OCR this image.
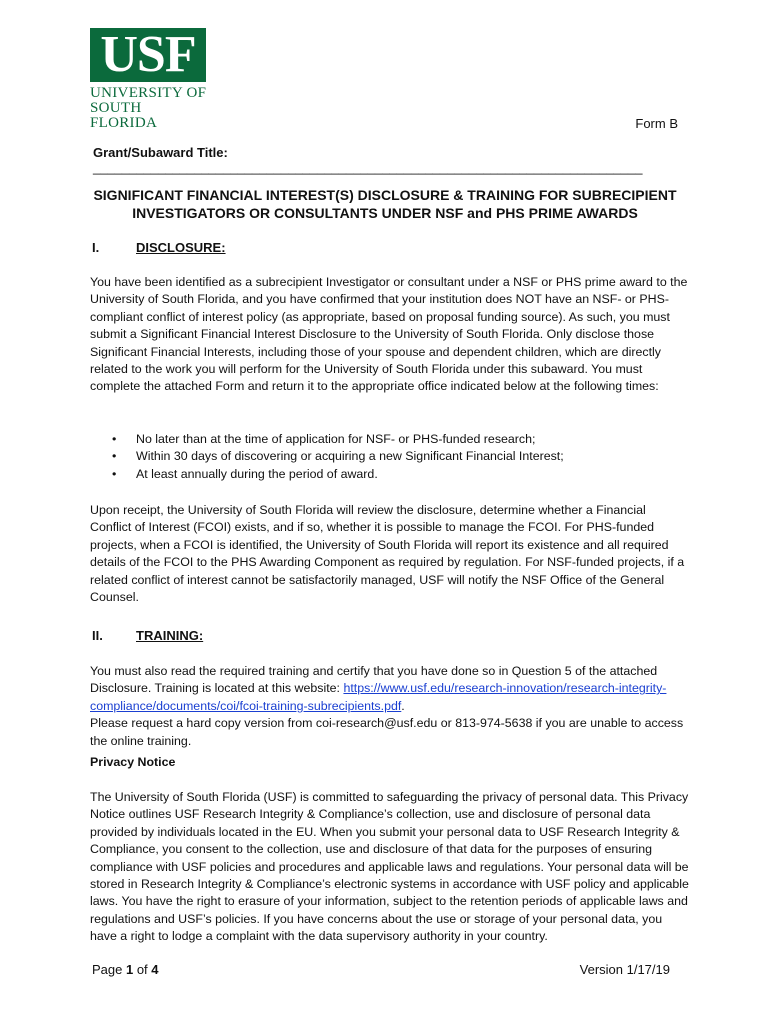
USF
UNIVERSITY OF
SOUTH FLORIDA	Form B
Grant/Subaward Title: ____________________________________________________________________________
SIGNIFICANT FINANCIAL INTEREST(S) DISCLOSURE & TRAINING FOR SUBRECIPIENT
INVESTIGATORS OR CONSULTANTS UNDER NSF and PHS PRIME AWARDS
I.	DISCLOSURE:

You have been identified as a subrecipient Investigator or consultant under a NSF or PHS prime award to the University of South Florida, and you have confirmed that your institution does NOT have an NSF- or PHS-compliant conflict of interest policy (as appropriate, based on proposal funding source). As such, you must submit a Significant Financial Interest Disclosure to the University of South Florida. Only disclose those Significant Financial Interests, including those of your spouse and dependent children, which are directly related to the work you will perform for the University of South Florida under this subaward. You must complete the attached Form and return it to the appropriate office indicated below at the following times:

•	No later than at the time of application for NSF- or PHS-funded research;
•	Within 30 days of discovering or acquiring a new Significant Financial Interest;
•	At least annually during the period of award.

Upon receipt, the University of South Florida will review the disclosure, determine whether a Financial Conflict of Interest (FCOI) exists, and if so, whether it is possible to manage the FCOI. For PHS-funded projects, when a FCOI is identified, the University of South Florida will report its existence and all required details of the FCOI to the PHS Awarding Component as required by regulation. For NSF-funded projects, if a related conflict of interest cannot be satisfactorily managed, USF will notify the NSF Office of the General Counsel.

II.	TRAINING:

You must also read the required training and certify that you have done so in Question 5 of the attached Disclosure. Training is located at this website: https://www.usf.edu/research-innovation/research-integrity-compliance/documents/coi/fcoi-training-subrecipients.pdf.

Please request a hard copy version from coi-research@usf.edu or 813-974-5638 if you are unable to access the online training.

Privacy Notice

The University of South Florida (USF) is committed to safeguarding the privacy of personal data. This Privacy Notice outlines USF Research Integrity & Compliance’s collection, use and disclosure of personal data provided by individuals located in the EU. When you submit your personal data to USF Research Integrity & Compliance, you consent to the collection, use and disclosure of that data for the purposes of ensuring compliance with USF policies and procedures and applicable laws and regulations. Your personal data will be stored in Research Integrity & Compliance’s electronic systems in accordance with USF policy and applicable laws. You have the right to erasure of your information, subject to the retention periods of applicable laws and regulations and USF’s policies. If you have concerns about the use or storage of your personal data, you have a right to lodge a complaint with the data supervisory authority in your country.

Page 1 of 4	Version 1/17/19
